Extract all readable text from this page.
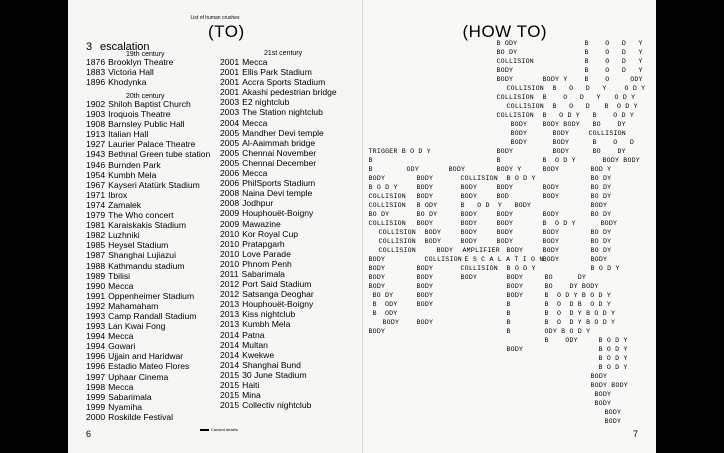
List of human crushes
(TO)
3 escalation
19th century
1876 Brooklyn Theatre
1883 Victoria Hall
1896 Khodynka
20th century
1902 Shiloh Baptist Church
1903 Iroquois Theatre
1908 Barnsley Public Hall
1913 Italian Hall
1927 Laurier Palace Theatre
1943 Bethnal Green tube station
1946 Burnden Park
1954 Kumbh Mela
1967 Kayseri Atatürk Stadium
1971 Ibrox
1974 Zamalek
1979 The Who concert
1981 Karaiskakis Stadium
1982 Luzhniki
1985 Heysel Stadium
1987 Shanghai Lujiazui
1988 Kathmandu stadium
1989 Tbilisi
1990 Mecca
1991 Oppenheimer Stadium
1992 Mahamaham
1993 Camp Randall Stadium
1993 Lan Kwai Fong
1994 Mecca
1994 Gowari
1996 Ujjain and Haridwar
1996 Estadio Mateo Flores
1997 Uphaar Cinema
1998 Mecca
1999 Sabarimala
1999 Nyamiha
2000 Roskilde Festival
21st century
2001 Mecca
2001 Ellis Park Stadium
2001 Accra Sports Stadium
2001 Akashi pedestrian bridge
2003 E2 nightclub
2003 The Station nightclub
2004 Mecca
2005 Mandher Devi temple
2005 Al-Aaimmah bridge
2005 Chennai November
2005 Chennai December
2006 Mecca
2006 PhilSports Stadium
2008 Naina Devi temple
2008 Jodhpur
2009 Houphouët-Boigny
2009 Mawazine
2010 Kor Royal Cup
2010 Pratapgarh
2010 Love Parade
2010 Phnom Penh
2011 Sabarimala
2012 Port Said Stadium
2012 Satsanga Deoghar
2013 Houphouët-Boigny
2013 Kiss nightclub
2013 Kumbh Mela
2014 Patna
2014 Multan
2014 Kwekwe
2014 Shanghai Bund
2015 30 June Stadium
2015 Haiti
2015 Mina
2015 Collectiv nightclub
Caused deaths
6
(HOW TO)
B ODY	B    O   D   Y
BO DY	B    O   D   Y
COLLISION	B    O   D   Y
BODY	B    O   D   Y
BODY	BODY Y	B    O     ODY
COLLISION B   O   D   Y	O D Y
COLLISION B    O   D   Y O D Y
COLLISION B   O   D B  O D Y
COLLISION B   O D Y B    O D Y
BODY BODY BODY BO    DY
BODY	BODY	COLLISION
BODY	BODY	B    O   D
TRIGGER B O D Y	BODY	BODY	BO    DY
B	B	B  O D Y	BODY BODY
B	ODY	BODY	BODY Y	BODY	BOD Y
BODY	BODY	COLLISION B O D Y	BO DY
B O D Y	BODY	BODY	BODY	BODY	BO DY
COLLISION BODY	BODY	BOD	BODY	BO DY
COLLISION B ODY	B   O D  Y BODY	BODY
BO DY	BO DY	BODY	BODY	BODY	BO DY
COLLISION BODY	BODY	BODY	B  O D Y	BODY
COLLISION BODY	BODY	BODY	BODY	BO DY
COLLISION BODY	BODY	BODY	BODY	BO DY
COLLISION	BODY AMPLIFIER BODY	BODY	BO DY
BODY	COLLISION E S C A L A T I O N BODY	BODY
BODY	BODY	COLLISION B O D Y	B O D Y
BODY	BODY	BODY	BODY	BO      DY
BODY	BODY	BODY	BO    DY BODY
BO DY	BODY	BODY	B  O D Y B O D Y
B  ODY	BODY	B	B  O  D B  O D Y
B  ODY	B	B  O  D Y B O D Y
BODY	BODY	B	B  O  D Y B O D Y
BODY	B	ODY B O D Y
B    ODY	B O D Y
BODY	B O D Y
B O D Y
B O D Y
BODY
BODY BODY
BODY
BODY
BODY
BODY
7
